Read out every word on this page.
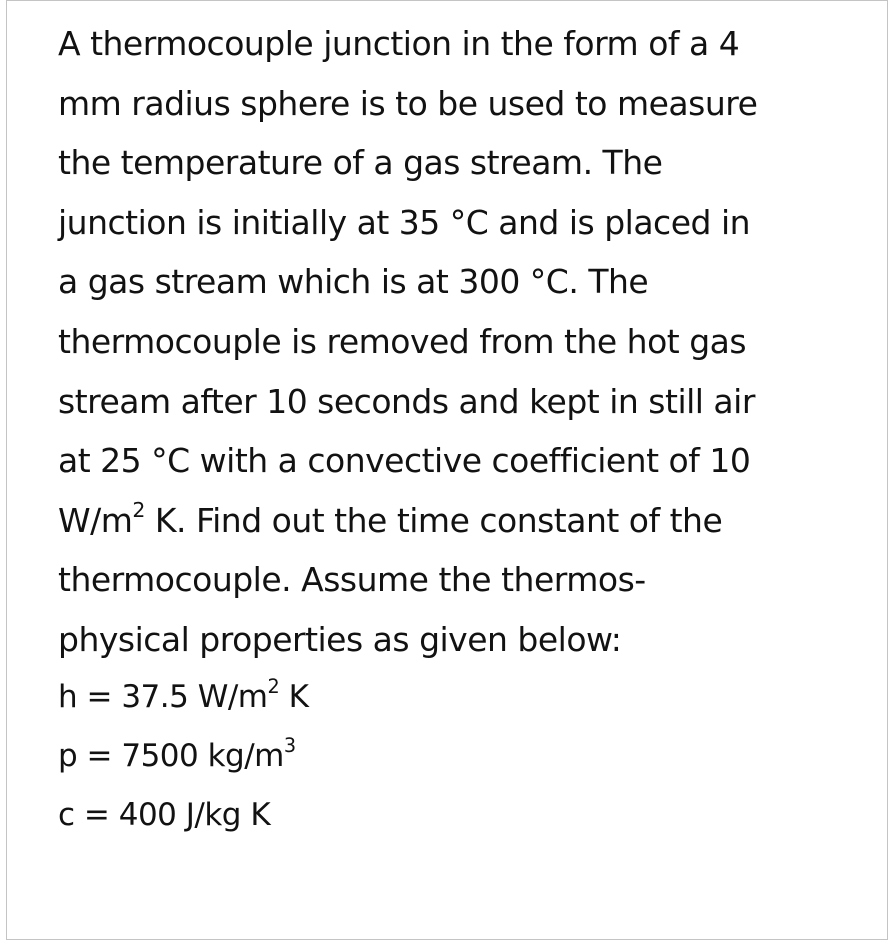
A thermocouple junction in the form of a 4
mm radius sphere is to be used to measure
the temperature of a gas stream. The
junction is initially at 35 °C and is placed in
a gas stream which is at 300 °C. The
thermocouple is removed from the hot gas
stream after 10 seconds and kept in still air
at 25 °C with a convective coefficient of 10
$W/m^2$ K. Find out the time constant of the
thermocouple. Assume the thermos-
physical properties as given below:
h = 37.5 $W/m^2$ K
p = 7500 $kg/m^3$
c = 400 J/kg K
